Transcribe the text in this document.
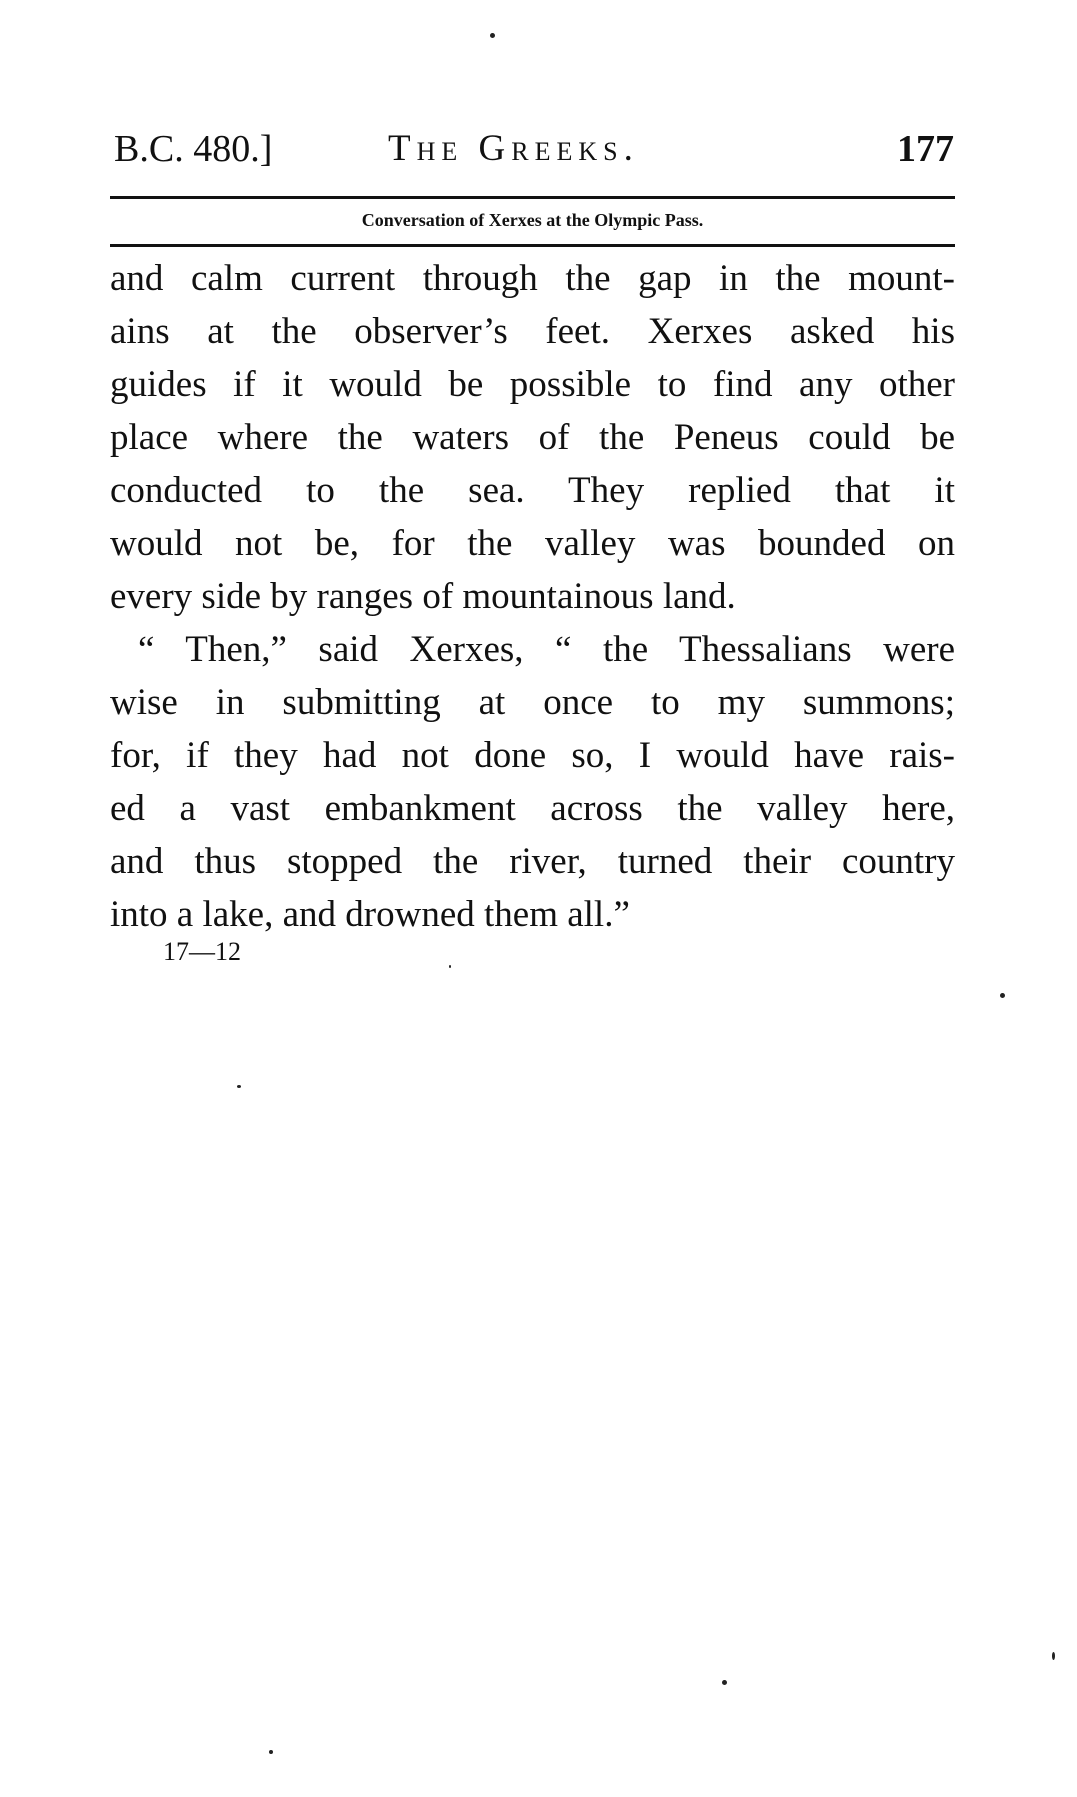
B.C. 480.]	The Greeks.	177
Conversation of Xerxes at the Olympic Pass.
and calm current through the gap in the mount-
ains at the observer’s feet. Xerxes asked his
guides if it would be possible to find any other
place where the waters of the Peneus could be
conducted to the sea. They replied that it
would not be, for the valley was bounded on
every side by ranges of mountainous land.
“ Then,” said Xerxes, “ the Thessalians were
wise in submitting at once to my summons;
for, if they had not done so, I would have rais-
ed a vast embankment across the valley here,
and thus stopped the river, turned their country
into a lake, and drowned them all.”
17—12
